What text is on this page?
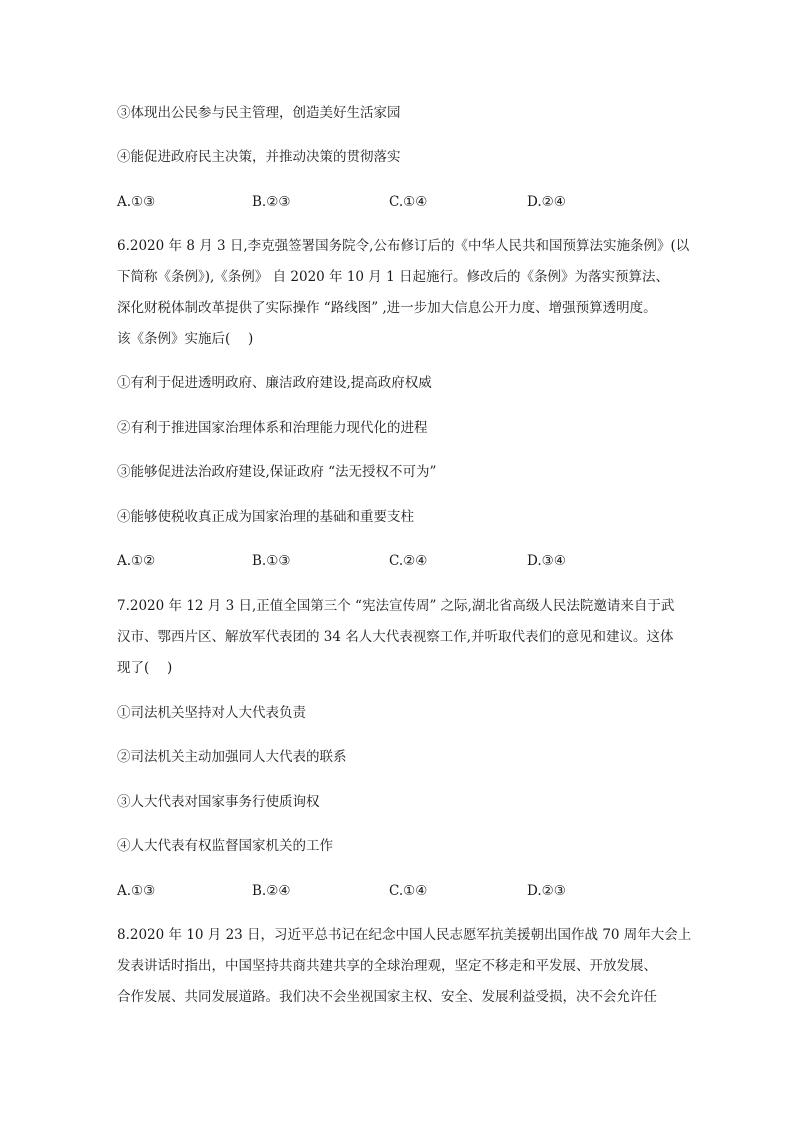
③体现出公民参与民主管理，创造美好生活家园
④能促进政府民主决策，并推动决策的贯彻落实
A.①③	B.②③	C.①④	D.②④
6.2020 年 8 月 3 日,李克强签署国务院令,公布修订后的《中华人民共和国预算法实施条例》(以
下简称《条例》),《条例》 自 2020 年 10 月 1 日起施行。修改后的《条例》为落实预算法、
深化财税体制改革提供了实际操作 “路线图” ,进一步加大信息公开力度、增强预算透明度。
该《条例》实施后(　 )
①有利于促进透明政府、廉洁政府建设,提高政府权威
②有利于推进国家治理体系和治理能力现代化的进程
③能够促进法治政府建设,保证政府 “法无授权不可为”
④能够使税收真正成为国家治理的基础和重要支柱
A.①②	B.①③	C.②④	D.③④
7.2020 年 12 月 3 日,正值全国第三个 “宪法宣传周” 之际,湖北省高级人民法院邀请来自于武
汉市、鄂西片区、解放军代表团的 34 名人大代表视察工作,并听取代表们的意见和建议。这体
现了(　 )
①司法机关坚持对人大代表负责
②司法机关主动加强同人大代表的联系
③人大代表对国家事务行使质询权
④人大代表有权监督国家机关的工作
A.①③	B.②④	C.①④	D.②③
8.2020 年 10 月 23 日，习近平总书记在纪念中国人民志愿军抗美援朝出国作战 70 周年大会上
发表讲话时指出，中国坚持共商共建共享的全球治理观，坚定不移走和平发展、开放发展、
合作发展、共同发展道路。我们决不会坐视国家主权、安全、发展利益受损，决不会允许任
